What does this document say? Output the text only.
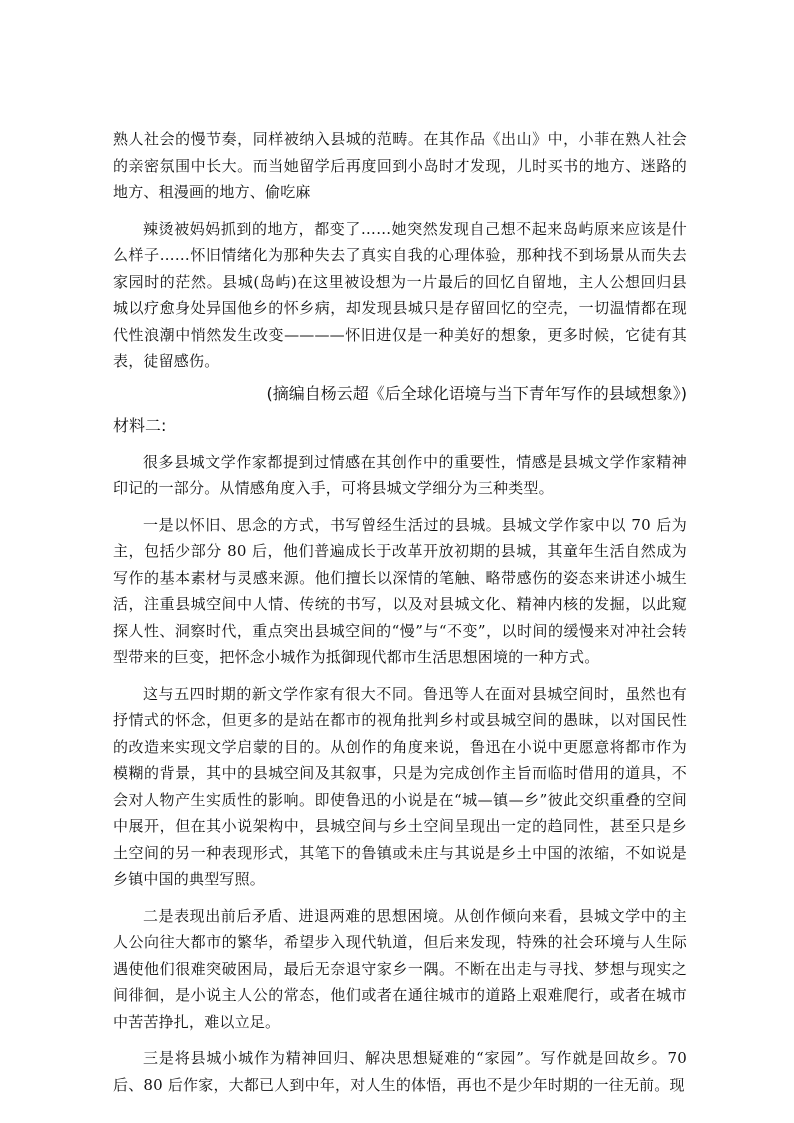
熟人社会的慢节奏，同样被纳入县城的范畴。在其作品《出山》中，小菲在熟人社会的亲密氛围中长大。而当她留学后再度回到小岛时才发现，儿时买书的地方、迷路的地方、租漫画的地方、偷吃麻

辣烫被妈妈抓到的地方，都变了……她突然发现自己想不起来岛屿原来应该是什么样子……怀旧情绪化为那种失去了真实自我的心理体验，那种找不到场景从而失去家园时的茫然。县城(岛屿)在这里被设想为一片最后的回忆自留地，主人公想回归县城以疗愈身处异国他乡的怀乡病，却发现县城只是存留回忆的空壳，一切温情都在现代性浪潮中悄然发生改变————怀旧进仅是一种美好的想象，更多时候，它徒有其表，徒留感伤。

(摘编自杨云超《后全球化语境与当下青年写作的县域想象》)

材料二:

很多县城文学作家都提到过情感在其创作中的重要性，情感是县城文学作家精神印记的一部分。从情感角度入手，可将县城文学细分为三种类型。

一是以怀旧、思念的方式，书写曾经生活过的县城。县城文学作家中以 70 后为主，包括少部分 80 后，他们普遍成长于改革开放初期的县城，其童年生活自然成为写作的基本素材与灵感来源。他们擅长以深情的笔触、略带感伤的姿态来讲述小城生活，注重县城空间中人情、传统的书写，以及对县城文化、精神内核的发掘，以此窥探人性、洞察时代，重点突出县城空间的“慢”与“不变”，以时间的缓慢来对冲社会转型带来的巨变，把怀念小城作为抵御现代都市生活思想困境的一种方式。

这与五四时期的新文学作家有很大不同。鲁迅等人在面对县城空间时，虽然也有抒情式的怀念，但更多的是站在都市的视角批判乡村或县城空间的愚昧，以对国民性的改造来实现文学启蒙的目的。从创作的角度来说，鲁迅在小说中更愿意将都市作为模糊的背景，其中的县城空间及其叙事，只是为完成创作主旨而临时借用的道具，不会对人物产生实质性的影响。即使鲁迅的小说是在“城—镇—乡”彼此交织重叠的空间中展开，但在其小说架构中，县城空间与乡土空间呈现出一定的趋同性，甚至只是乡土空间的另一种表现形式，其笔下的鲁镇或未庄与其说是乡土中国的浓缩，不如说是乡镇中国的典型写照。

二是表现出前后矛盾、进退两难的思想困境。从创作倾向来看，县城文学中的主人公向往大都市的繁华，希望步入现代轨道，但后来发现，特殊的社会环境与人生际遇使他们很难突破困局，最后无奈退守家乡一隅。不断在出走与寻找、梦想与现实之间徘徊，是小说主人公的常态，他们或者在通往城市的道路上艰难爬行，或者在城市中苦苦挣扎，难以立足。

三是将县城小城作为精神回归、解决思想疑难的“家园”。写作就是回故乡。70 后、80 后作家，大都已人到中年，对人生的体悟，再也不是少年时期的一往无前。现
